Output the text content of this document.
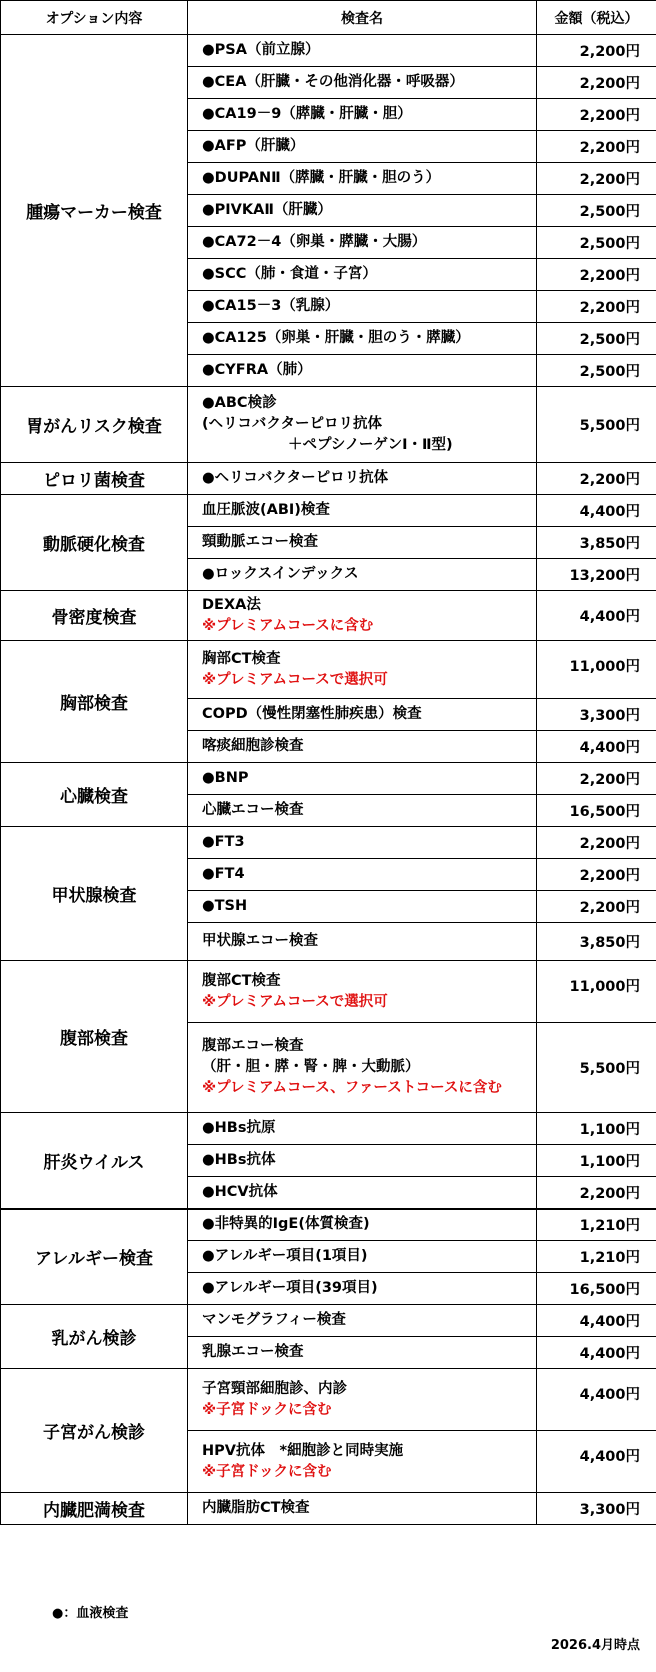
オプション内容	検査名	金額（税込）
腫瘍マーカー検査	●PSA（前立腺）	2,200円

	●CEA（肝臓・その他消化器・呼吸器）	2,200円

	●CA19－9（膵臓・肝臓・胆）	2,200円

	●AFP（肝臓）	2,200円

	●DUPANⅡ（膵臓・肝臓・胆のう）	2,200円

	●PIVKAⅡ（肝臓）	2,500円

	●CA72－4（卵巣・膵臓・大腸）	2,500円

	●SCC（肺・食道・子宮）	2,200円

	●CA15－3（乳腺）	2,200円

	●CA125（卵巣・肝臓・胆のう・膵臓）	2,500円

	●CYFRA（肺）	2,500円
胃がんリスク検査	●ABC検診
(ヘリコバクターピロリ抗体
＋ペプシノーゲンⅠ・Ⅱ型)	5,500円
ピロリ菌検査	●ヘリコバクターピロリ抗体	2,200円
動脈硬化検査	血圧脈波(ABI)検査	4,400円

	頸動脈エコー検査	3,850円

	●ロックスインデックス	13,200円
骨密度検査	DEXA法
※プレミアムコースに含む	4,400円
胸部検査	胸部CT検査
※プレミアムコースで選択可	11,000円

	COPD（慢性閉塞性肺疾患）検査	3,300円

	喀痰細胞診検査	4,400円
心臓検査	●BNP	2,200円

	心臓エコー検査	16,500円
甲状腺検査	●FT3	2,200円

	●FT4	2,200円

	●TSH	2,200円

	甲状腺エコー検査	3,850円
腹部検査	腹部CT検査
※プレミアムコースで選択可	11,000円

	腹部エコー検査
（肝・胆・膵・腎・脾・大動脈）
※プレミアムコース、ファーストコースに含む	5,500円
肝炎ウイルス	●HBs抗原	1,100円

	●HBs抗体	1,100円

	●HCV抗体	2,200円
アレルギー検査	●非特異的IgE(体質検査)	1,210円

	●アレルギー項目(1項目)	1,210円

	●アレルギー項目(39項目)	16,500円
乳がん検診	マンモグラフィー検査	4,400円

	乳腺エコー検査	4,400円
子宮がん検診	子宮頸部細胞診、内診
※子宮ドックに含む	4,400円

	HPV抗体　*細胞診と同時実施
※子宮ドックに含む	4,400円
内臓肥満検査	内臓脂肪CT検査	3,300円
●：血液検査
2026.4月時点
